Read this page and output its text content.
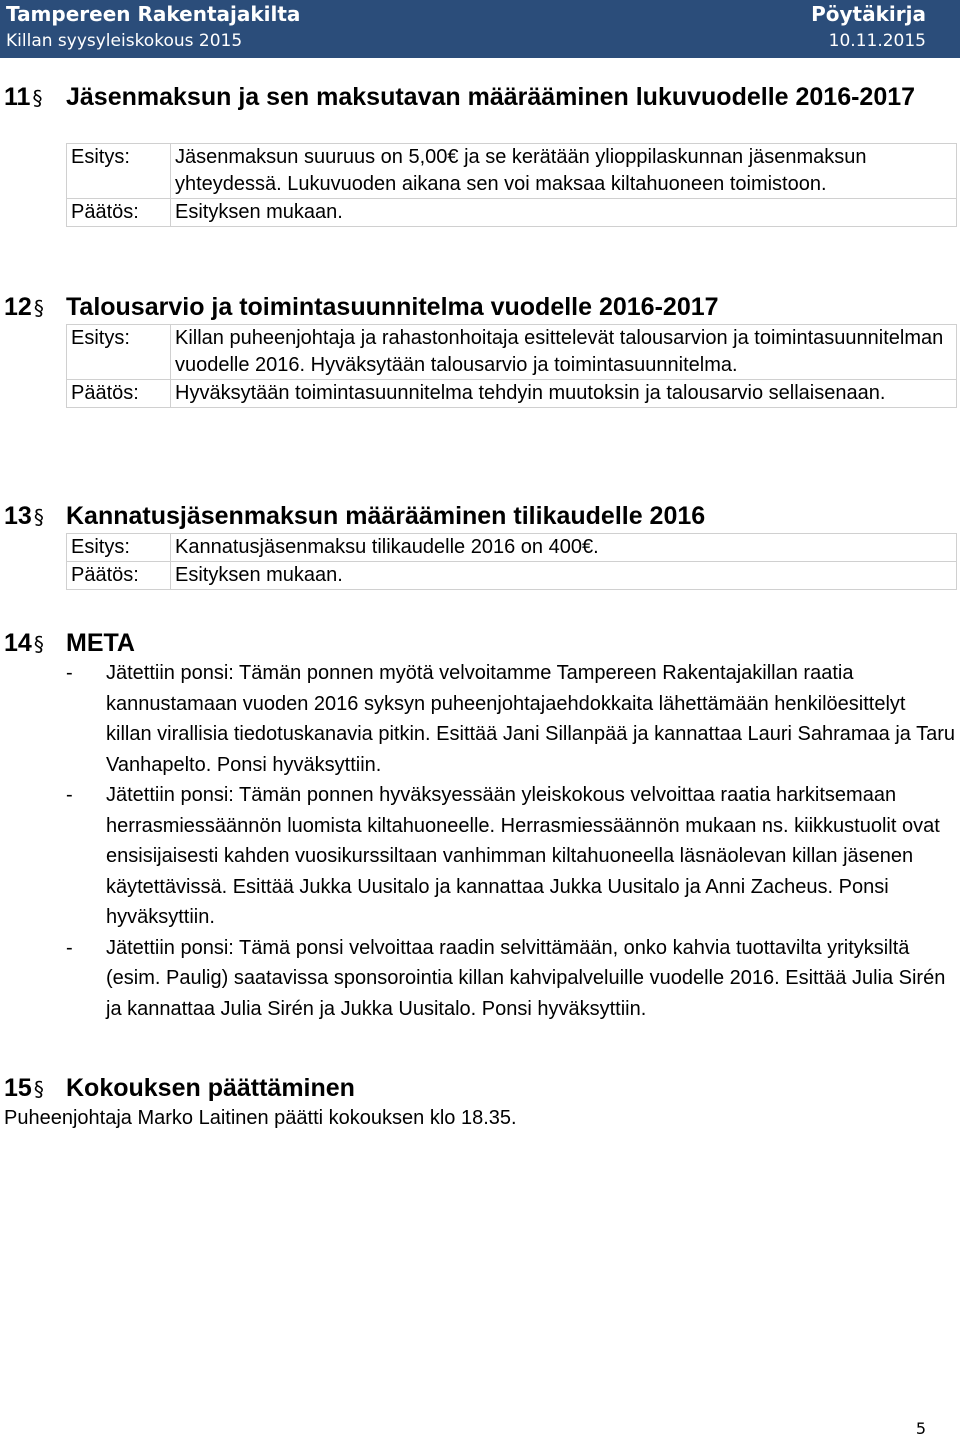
Tampereen Rakentajakilta
Killan syysyleiskokous 2015
Pöytäkirja
10.11.2015
11 § Jäsenmaksun ja sen maksutavan määrääminen lukuvuodelle 2016-2017
Esitys:	Jäsenmaksun suuruus on 5,00€ ja se kerätään ylioppilaskunnan jäsenmaksun yhteydessä. Lukuvuoden aikana sen voi maksaa kiltahuoneen toimistoon.
Päätös:	Esityksen mukaan.
12 § Talousarvio ja toimintasuunnitelma vuodelle 2016-2017
Esitys:	Killan puheenjohtaja ja rahastonhoitaja esittelevät talousarvion ja toimintasuunnitelman vuodelle 2016. Hyväksytään talousarvio ja toimintasuunnitelma.
Päätös:	Hyväksytään toimintasuunnitelma tehdyin muutoksin ja talousarvio sellaisenaan.
13 § Kannatusjäsenmaksun määrääminen tilikaudelle 2016
Esitys:	Kannatusjäsenmaksu tilikaudelle 2016 on 400€.
Päätös:	Esityksen mukaan.
14 § META
-	Jätettiin ponsi: Tämän ponnen myötä velvoitamme Tampereen Rakentajakillan raatia kannustamaan vuoden 2016 syksyn puheenjohtajaehdokkaita lähettämään henkilöesittelyt killan virallisia tiedotuskanavia pitkin. Esittää Jani Sillanpää ja kannattaa Lauri Sahramaa ja Taru Vanhapelto. Ponsi hyväksyttiin.
-	Jätettiin ponsi: Tämän ponnen hyväksyessään yleiskokous velvoittaa raatia harkitsemaan herrasmiessäännön luomista kiltahuoneelle. Herrasmiessäännön mukaan ns. kiikkustuolit ovat ensisijaisesti kahden vuosikurssiltaan vanhimman kiltahuoneella läsnäolevan killan jäsenen käytettävissä. Esittää Jukka Uusitalo ja kannattaa Jukka Uusitalo ja Anni Zacheus. Ponsi hyväksyttiin.
-	Jätettiin ponsi: Tämä ponsi velvoittaa raadin selvittämään, onko kahvia tuottavilta yrityksiltä (esim. Paulig) saatavissa sponsorointia killan kahvipalveluille vuodelle 2016. Esittää Julia Sirén ja kannattaa Julia Sirén ja Jukka Uusitalo. Ponsi hyväksyttiin.
15 § Kokouksen päättäminen
Puheenjohtaja Marko Laitinen päätti kokouksen klo 18.35.
5
